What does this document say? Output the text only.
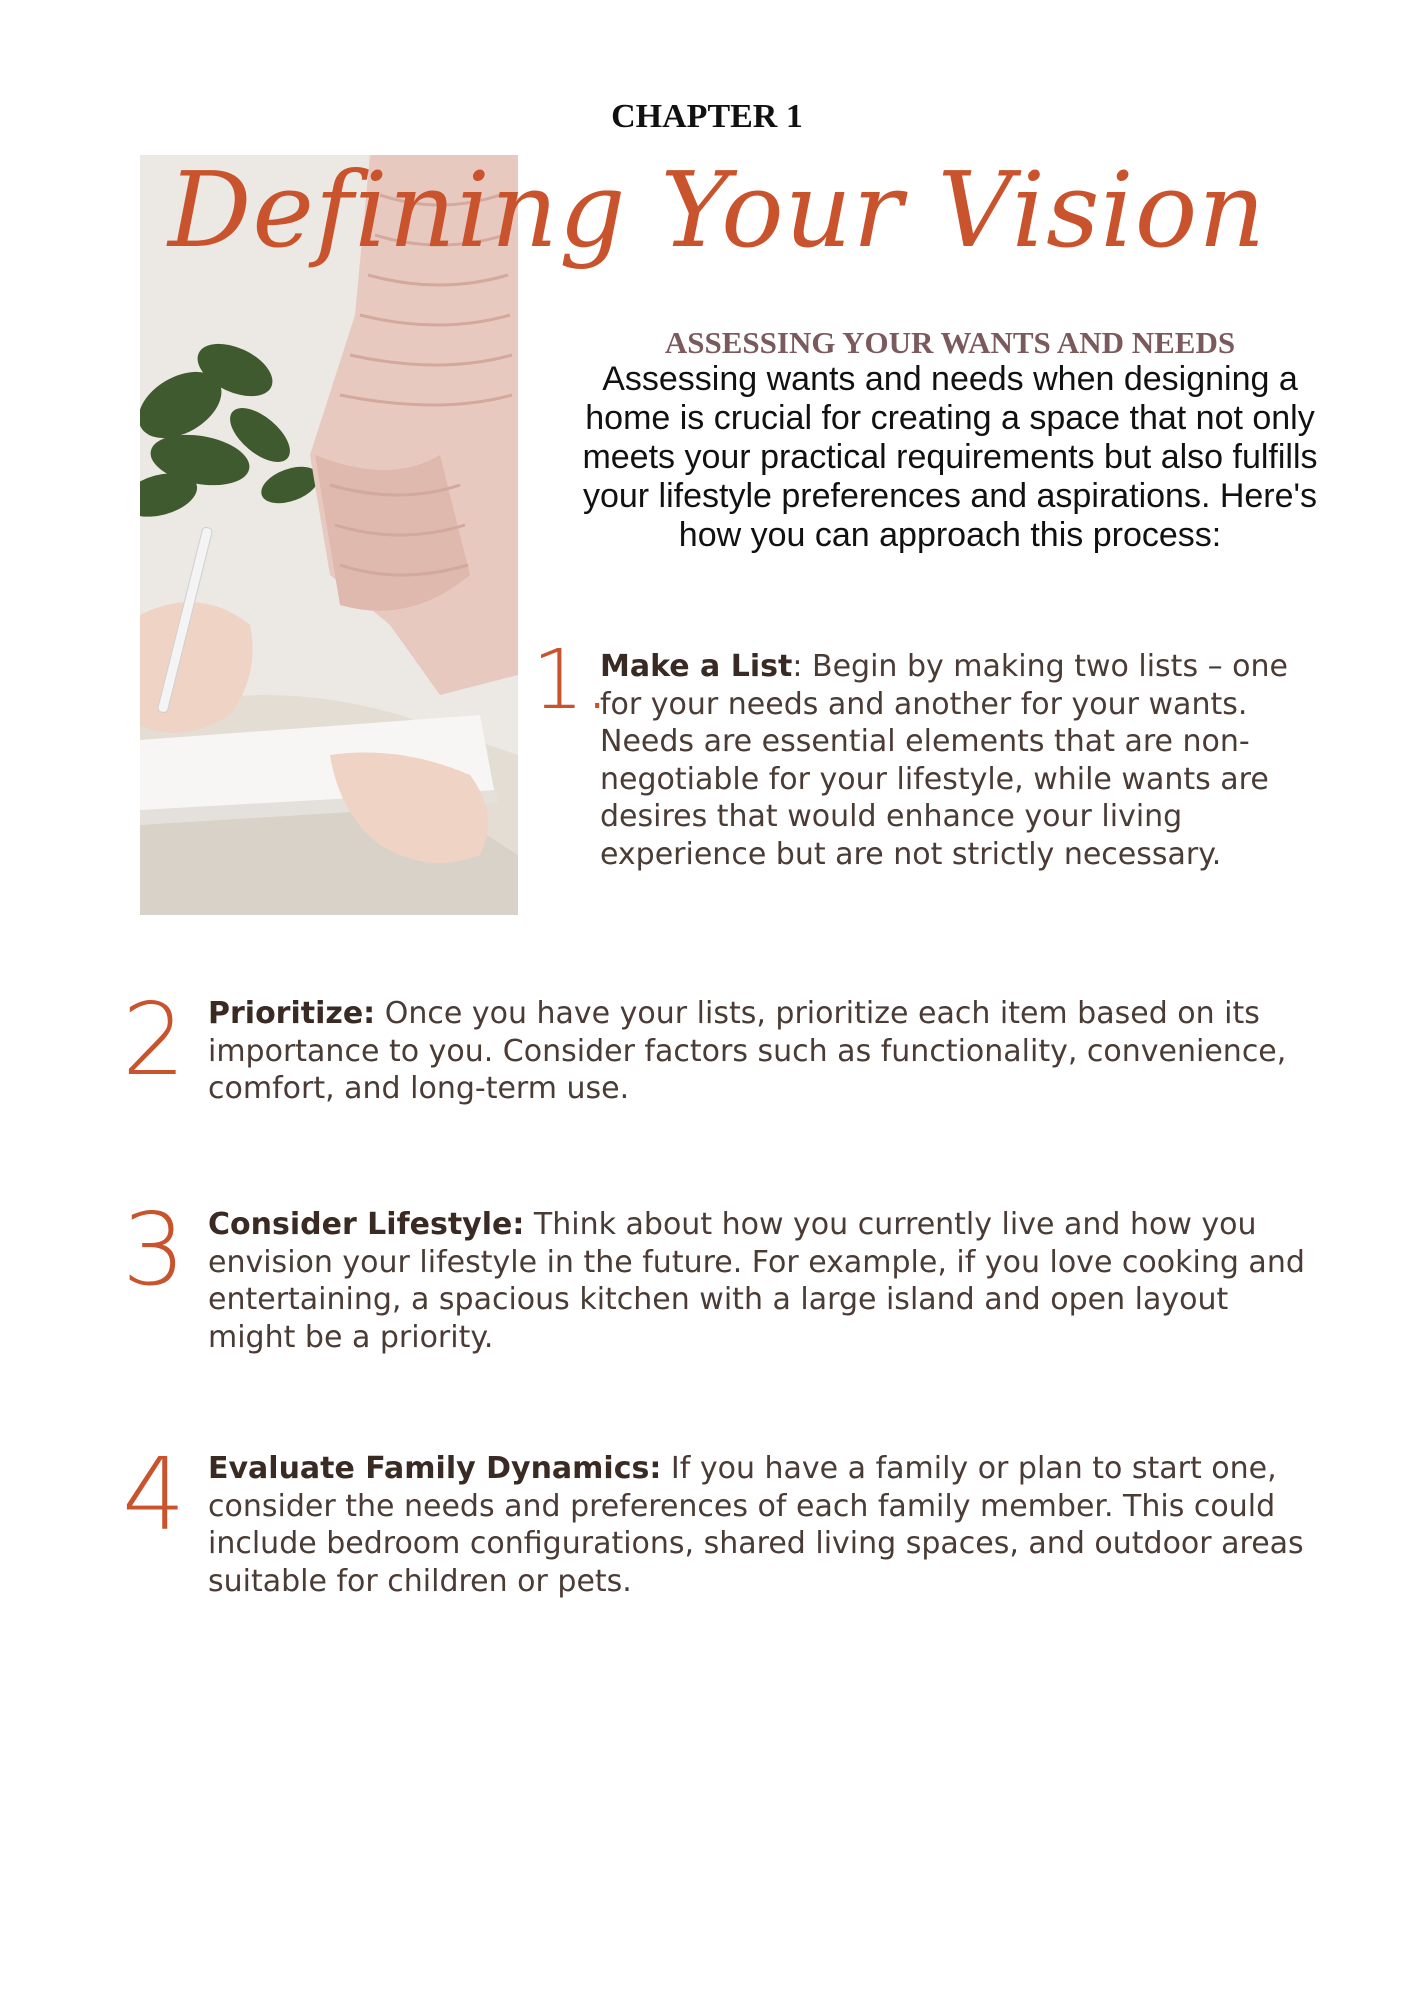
CHAPTER 1
Defining Your Vision
ASSESSING YOUR WANTS AND NEEDS
Assessing wants and needs when designing a home is crucial for creating a space that not only meets your practical requirements but also fulfills your lifestyle preferences and aspirations. Here's how you can approach this process:
1.
Make a List: Begin by making two lists – one for your needs and another for your wants. Needs are essential elements that are non-negotiable for your lifestyle, while wants are desires that would enhance your living experience but are not strictly necessary.
2 Prioritize: Once you have your lists, prioritize each item based on its importance to you. Consider factors such as functionality, convenience, comfort, and long-term use.
3 Consider Lifestyle: Think about how you currently live and how you envision your lifestyle in the future. For example, if you love cooking and entertaining, a spacious kitchen with a large island and open layout might be a priority.
4 Evaluate Family Dynamics: If you have a family or plan to start one, consider the needs and preferences of each family member. This could include bedroom configurations, shared living spaces, and outdoor areas suitable for children or pets.
